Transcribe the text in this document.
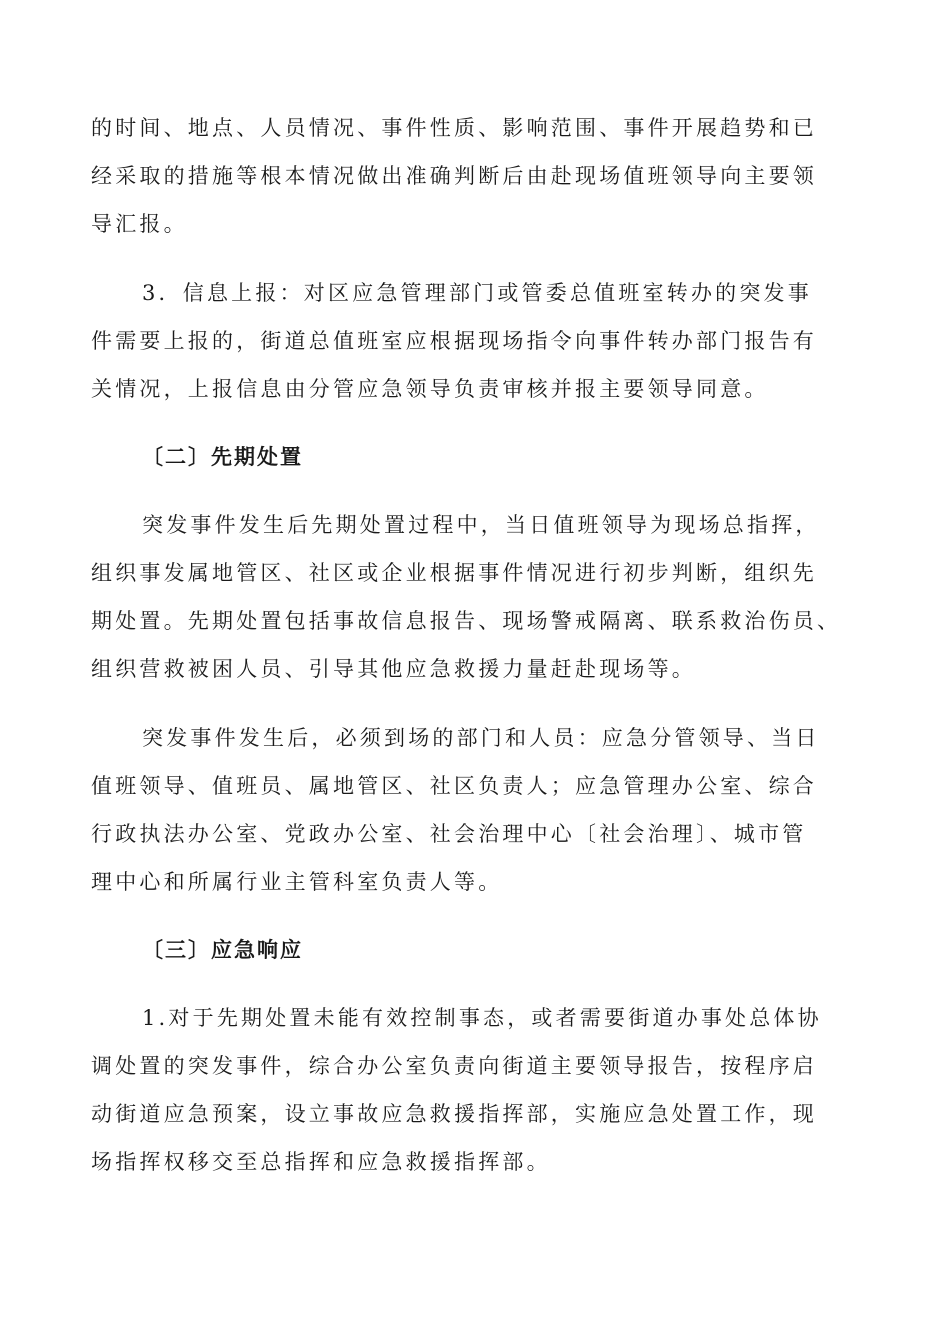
的时间、地点、人员情况、事件性质、影响范围、事件开展趋势和已
经采取的措施等根本情况做出准确判断后由赴现场值班领导向主要领
导汇报。
3．信息上报：对区应急管理部门或管委总值班室转办的突发事
件需要上报的，街道总值班室应根据现场指令向事件转办部门报告有
关情况，上报信息由分管应急领导负责审核并报主要领导同意。
〔二〕先期处置
突发事件发生后先期处置过程中，当日值班领导为现场总指挥，
组织事发属地管区、社区或企业根据事件情况进行初步判断，组织先
期处置。先期处置包括事故信息报告、现场警戒隔离、联系救治伤员、
组织营救被困人员、引导其他应急救援力量赶赴现场等。
突发事件发生后，必须到场的部门和人员：应急分管领导、当日
值班领导、值班员、属地管区、社区负责人；应急管理办公室、综合
行政执法办公室、党政办公室、社会治理中心〔社会治理〕、城市管
理中心和所属行业主管科室负责人等。
〔三〕应急响应
1.对于先期处置未能有效控制事态，或者需要街道办事处总体协
调处置的突发事件，综合办公室负责向街道主要领导报告，按程序启
动街道应急预案，设立事故应急救援指挥部，实施应急处置工作，现
场指挥权移交至总指挥和应急救援指挥部。
